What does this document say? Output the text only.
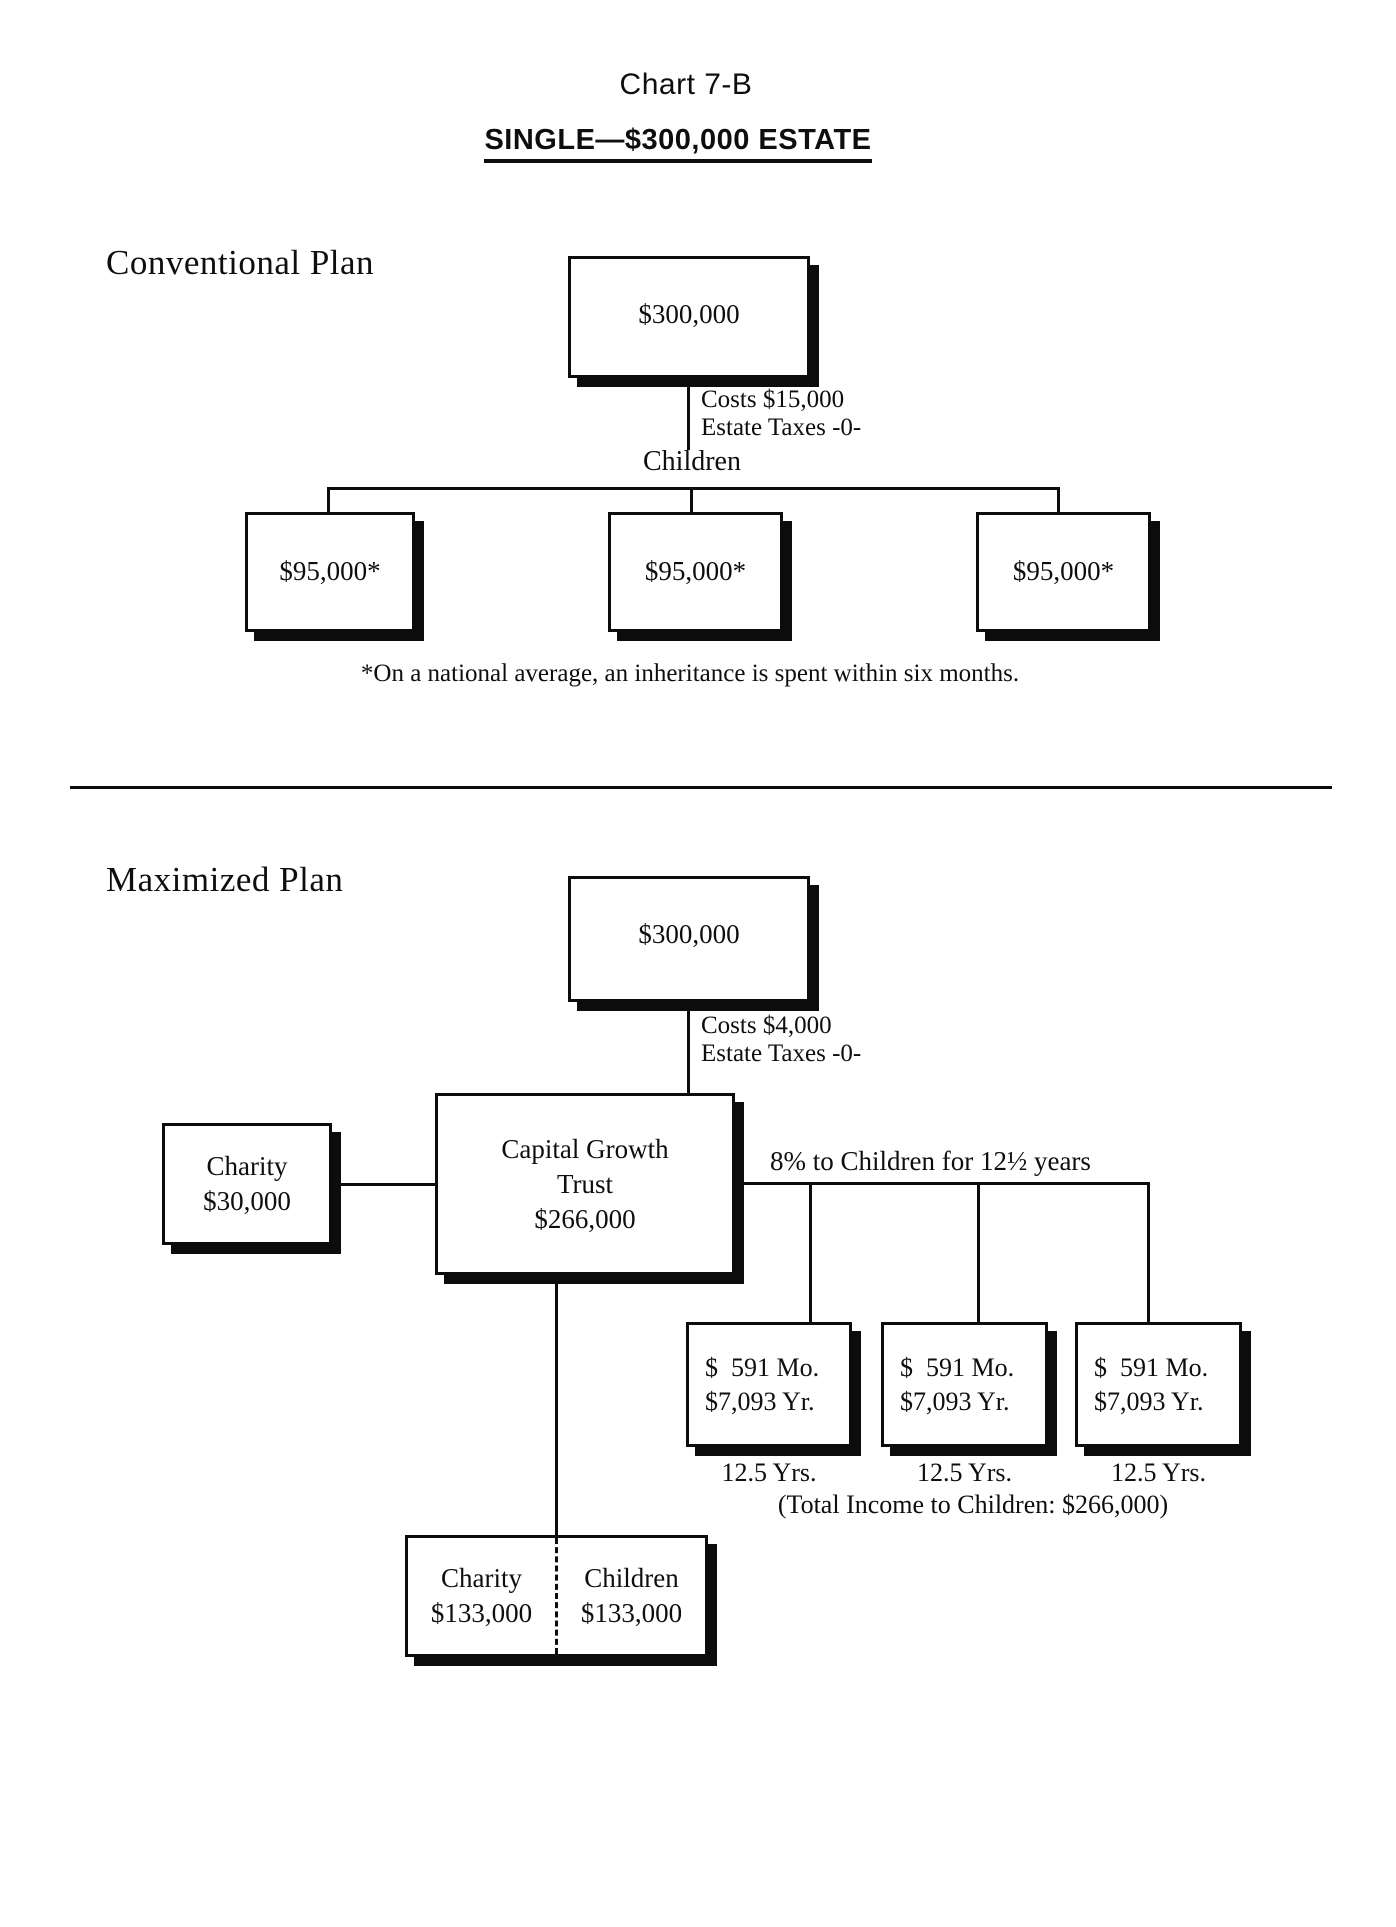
Chart 7-B
SINGLE—$300,000 ESTATE
Conventional Plan
$300,000
Costs $15,000
Estate Taxes -0-
Children
$95,000*	$95,000*	$95,000*
*On a national average, an inheritance is spent within six months.
Maximized Plan
$300,000
Costs $4,000
Estate Taxes -0-
Charity
$30,000
Capital Growth
Trust
$266,000
8% to Children for 12½ years
$  591 Mo.
$7,093 Yr.
$  591 Mo.
$7,093 Yr.
$  591 Mo.
$7,093 Yr.
12.5 Yrs.	12.5 Yrs.	12.5 Yrs.
(Total Income to Children: $266,000)
Charity
$133,000
Children
$133,000
